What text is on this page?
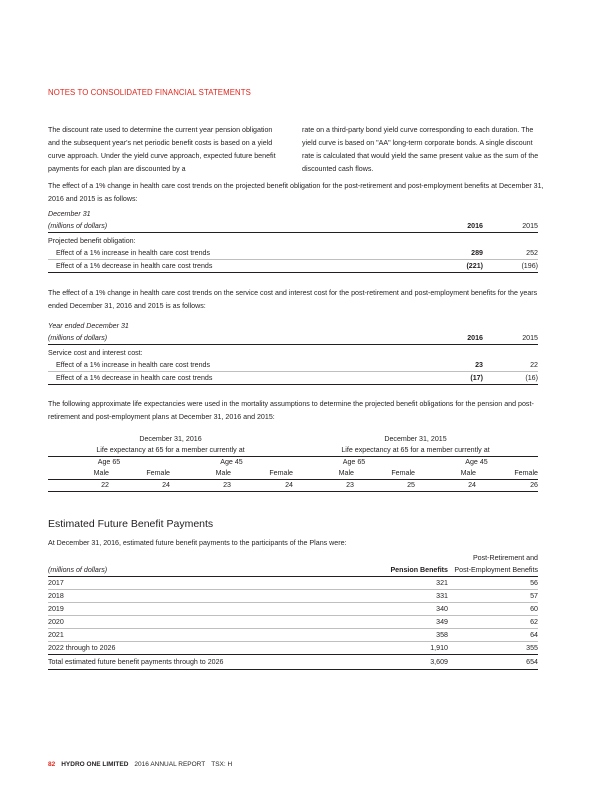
NOTES TO CONSOLIDATED FINANCIAL STATEMENTS

The discount rate used to determine the current year pension obligation and the subsequent year's net periodic benefit costs is based on a yield curve approach. Under the yield curve approach, expected future benefit payments for each plan are discounted by a

rate on a third-party bond yield curve corresponding to each duration. The yield curve is based on "AA" long-term corporate bonds. A single discount rate is calculated that would yield the same present value as the sum of the discounted cash flows.

The effect of a 1% change in health care cost trends on the projected benefit obligation for the post-retirement and post-employment benefits at December 31, 2016 and 2015 is as follows:
December 31		
(millions of dollars)	2016	2015
Projected benefit obligation:		
Effect of a 1% increase in health care cost trends	289	252
Effect of a 1% decrease in health care cost trends	(221)	(196)
The effect of a 1% change in health care cost trends on the service cost and interest cost for the post-retirement and post-employment benefits for the years ended December 31, 2016 and 2015 is as follows:
Year ended December 31		
(millions of dollars)	2016	2015
Service cost and interest cost:		
Effect of a 1% increase in health care cost trends	23	22
Effect of a 1% decrease in health care cost trends	(17)	(16)
The following approximate life expectancies were used in the mortality assumptions to determine the projected benefit obligations for the pension and post-retirement and post-employment plans at December 31, 2016 and 2015:
December 31, 2016				December 31, 2015			
Life expectancy at 65 for a member currently at				Life expectancy at 65 for a member currently at			
Age 65		Age 45		Age 65		Age 45	
Male	Female	Male	Female	Male	Female	Male	Female
22	24	23	24	23	25	24	26
Estimated Future Benefit Payments
At December 31, 2016, estimated future benefit payments to the participants of the Plans were:
		Post-Retirement and
(millions of dollars)	Pension Benefits	Post-Employment Benefits
2017	321	56
2018	331	57
2019	340	60
2020	349	62
2021	358	64
2022 through to 2026	1,910	355
Total estimated future benefit payments through to 2026	3,609	654
82 HYDRO ONE LIMITED 2016 ANNUAL REPORT TSX: H
